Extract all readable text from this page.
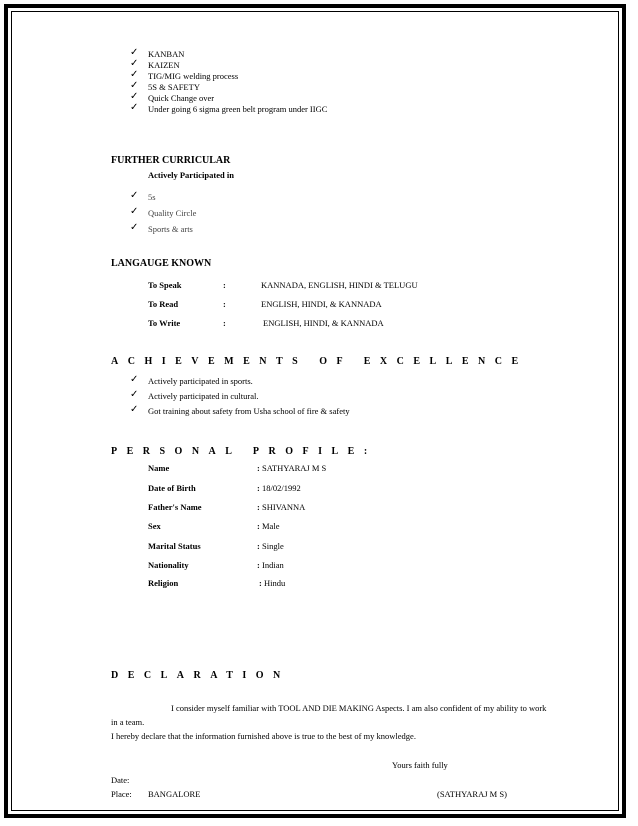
✓ KANBAN
✓ KAIZEN
✓ TIG/MIG welding process
✓ 5S & SAFETY
✓ Quick Change over
✓ Under going 6 sigma green belt program under IIGC
FURTHER CURRICULAR
Actively Participated in
✓ 5s
✓ Quality Circle
✓ Sports & arts
LANGAUGE KNOWN
To Speak	:	KANNADA, ENGLISH, HINDI & TELUGU
To Read	:	ENGLISH, HINDI, & KANNADA
To Write	:	ENGLISH, HINDI, & KANNADA
ACHIEVEMENTS OF EXCELLENCE
✓ Actively participated in sports.
✓ Actively participated in cultural.
✓ Got training about safety from Usha school of fire & safety
PERSONAL PROFILE:
Name	: SATHYARAJ M S
Date of Birth	: 18/02/1992
Father's Name	: SHIVANNA
Sex	: Male
Marital Status	: Single
Nationality	: Indian
Religion	: Hindu
DECLARATION
I consider myself familiar with TOOL AND DIE MAKING Aspects. I am also confident of my ability to work
in a team.
I hereby declare that the information furnished above is true to the best of my knowledge.
Yours faith fully
Date:
Place: BANGALORE	(SATHYARAJ M S)
